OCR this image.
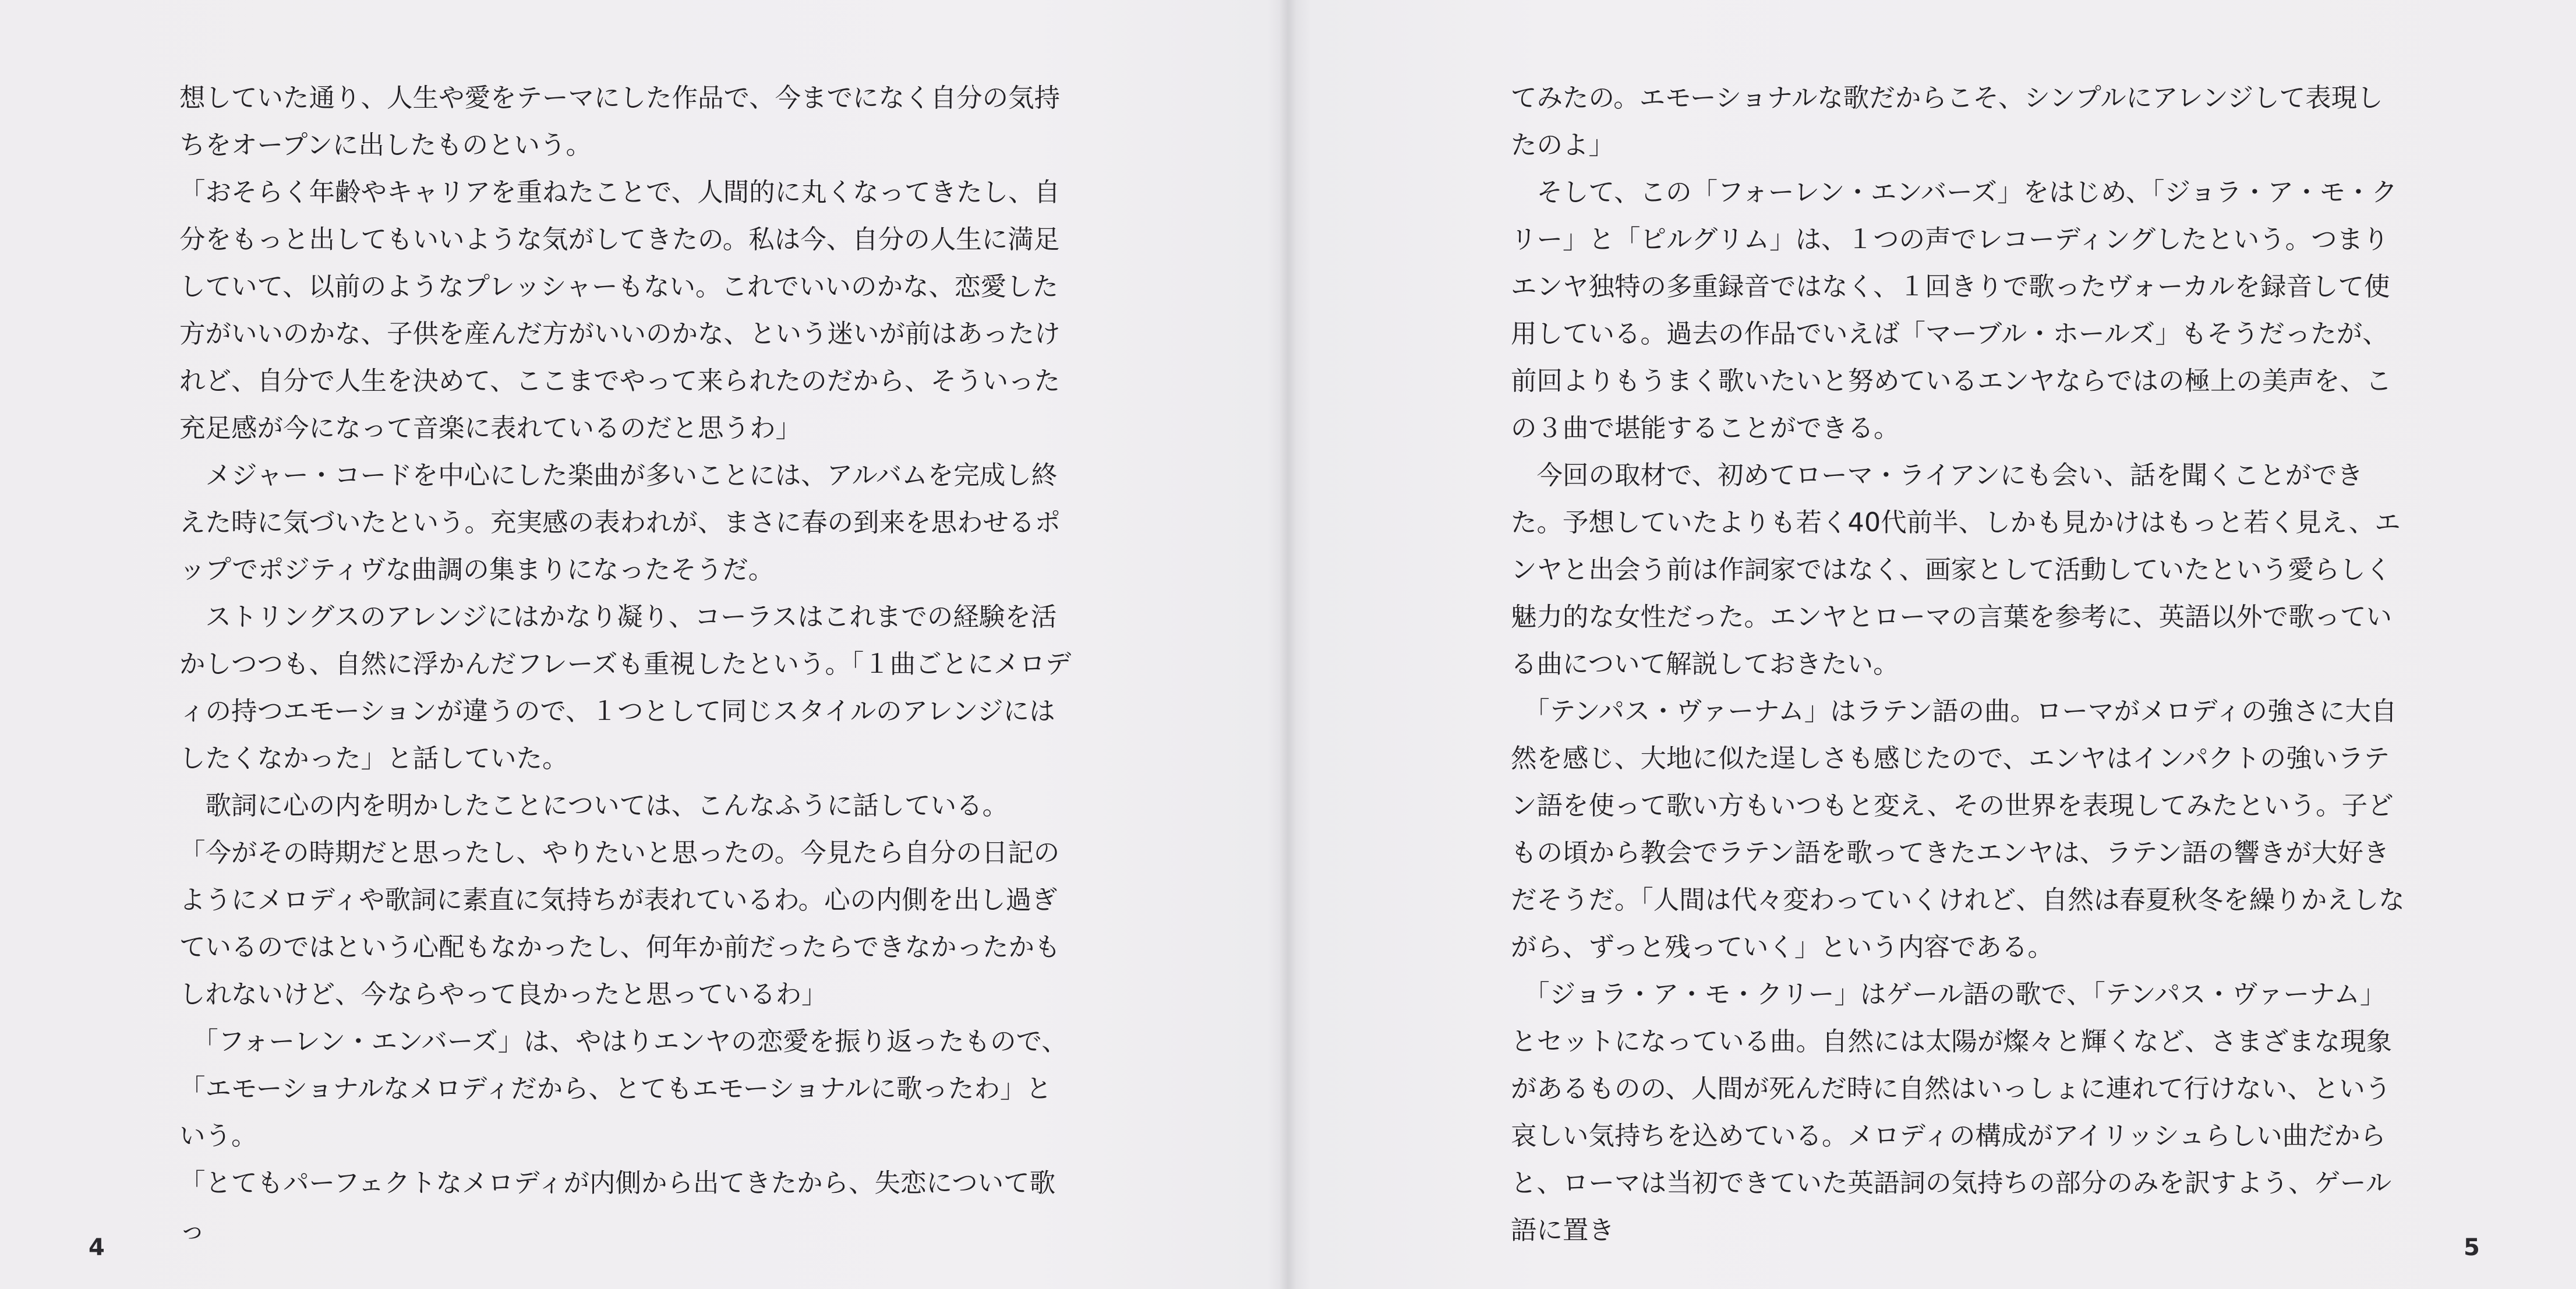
想していた通り、人生や愛をテーマにした作品で、今までになく自分の気持ちをオープンに出したものという。

「おそらく年齢やキャリアを重ねたことで、人間的に丸くなってきたし、自分をもっと出してもいいような気がしてきたの。私は今、自分の人生に満足していて、以前のようなプレッシャーもない。これでいいのかな、恋愛した方がいいのかな、子供を産んだ方がいいのかな、という迷いが前はあったけれど、自分で人生を決めて、ここまでやって来られたのだから、そういった充足感が今になって音楽に表れているのだと思うわ」

　メジャー・コードを中心にした楽曲が多いことには、アルバムを完成し終えた時に気づいたという。充実感の表われが、まさに春の到来を思わせるポップでポジティヴな曲調の集まりになったそうだ。

　ストリングスのアレンジにはかなり凝り、コーラスはこれまでの経験を活かしつつも、自然に浮かんだフレーズも重視したという。「１曲ごとにメロディの持つエモーションが違うので、１つとして同じスタイルのアレンジにはしたくなかった」と話していた。

　歌詞に心の内を明かしたことについては、こんなふうに話している。

「今がその時期だと思ったし、やりたいと思ったの。今見たら自分の日記のようにメロディや歌詞に素直に気持ちが表れているわ。心の内側を出し過ぎているのではという心配もなかったし、何年か前だったらできなかったかもしれないけど、今ならやって良かったと思っているわ」

　「フォーレン・エンバーズ」は、やはりエンヤの恋愛を振り返ったもので、「エモーショナルなメロディだから、とてもエモーショナルに歌ったわ」という。

「とてもパーフェクトなメロディが内側から出てきたから、失恋について歌っ

4

てみたの。エモーショナルな歌だからこそ、シンプルにアレンジして表現したのよ」

　そして、この「フォーレン・エンバーズ」をはじめ、「ジョラ・ア・モ・クリー」と「ピルグリム」は、１つの声でレコーディングしたという。つまりエンヤ独特の多重録音ではなく、１回きりで歌ったヴォーカルを録音して使用している。過去の作品でいえば「マーブル・ホールズ」もそうだったが、前回よりもうまく歌いたいと努めているエンヤならではの極上の美声を、この３曲で堪能することができる。

　今回の取材で、初めてローマ・ライアンにも会い、話を聞くことができた。予想していたよりも若く40代前半、しかも見かけはもっと若く見え、エンヤと出会う前は作詞家ではなく、画家として活動していたという愛らしく魅力的な女性だった。エンヤとローマの言葉を参考に、英語以外で歌っている曲について解説しておきたい。

　「テンパス・ヴァーナム」はラテン語の曲。ローマがメロディの強さに大自然を感じ、大地に似た逞しさも感じたので、エンヤはインパクトの強いラテン語を使って歌い方もいつもと変え、その世界を表現してみたという。子どもの頃から教会でラテン語を歌ってきたエンヤは、ラテン語の響きが大好きだそうだ。「人間は代々変わっていくけれど、自然は春夏秋冬を繰りかえしながら、ずっと残っていく」という内容である。

　「ジョラ・ア・モ・クリー」はゲール語の歌で、「テンパス・ヴァーナム」とセットになっている曲。自然には太陽が燦々と輝くなど、さまざまな現象があるものの、人間が死んだ時に自然はいっしょに連れて行けない、という哀しい気持ちを込めている。メロディの構成がアイリッシュらしい曲だからと、ローマは当初できていた英語詞の気持ちの部分のみを訳すよう、ゲール語に置き

5
